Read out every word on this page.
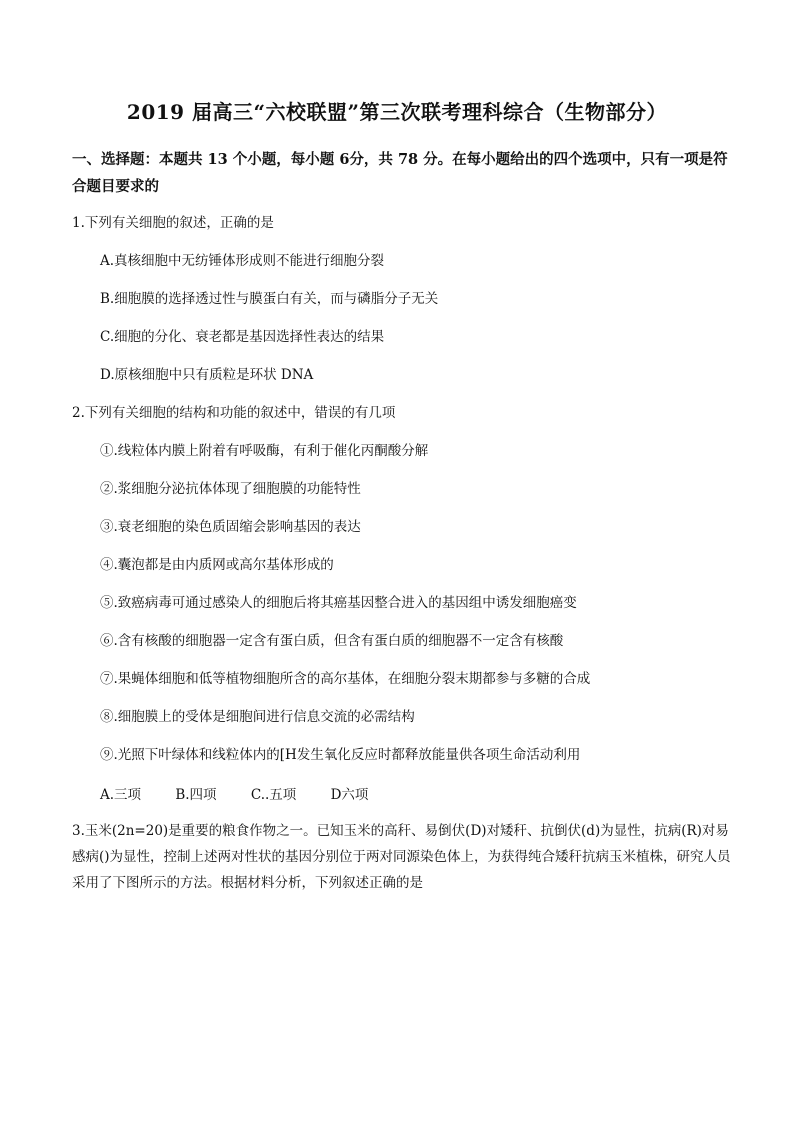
2019 届高三“六校联盟”第三次联考理科综合（生物部分）
一、选择题：本题共 13 个小题，每小题 6分，共 78 分。在每小题给出的四个选项中，只有一项是符合题目要求的
1.下列有关细胞的叙述，正确的是
A.真核细胞中无纺锤体形成则不能进行细胞分裂
B.细胞膜的选择透过性与膜蛋白有关，而与磷脂分子无关
C.细胞的分化、衰老都是基因选择性表达的结果
D.原核细胞中只有质粒是环状 DNA
2.下列有关细胞的结构和功能的叙述中，错误的有几项
①.线粒体内膜上附着有呼吸酶，有利于催化丙酮酸分解
②.浆细胞分泌抗体体现了细胞膜的功能特性
③.衰老细胞的染色质固缩会影响基因的表达
④.囊泡都是由内质网或高尔基体形成的
⑤.致癌病毒可通过感染人的细胞后将其癌基因整合进入的基因组中诱发细胞癌变
⑥.含有核酸的细胞器一定含有蛋白质，但含有蛋白质的细胞器不一定含有核酸
⑦.果蝇体细胞和低等植物细胞所含的高尔基体，在细胞分裂末期都参与多糖的合成
⑧.细胞膜上的受体是细胞间进行信息交流的必需结构
⑨.光照下叶绿体和线粒体内的[H发生氧化反应时都释放能量供各项生命活动利用
A.三项	B.四项	C..五项	D六项
3.玉米(2n=20)是重要的粮食作物之一。已知玉米的高秆、易倒伏(D)对矮秆、抗倒伏(d)为显性，抗病(R)对易感病()为显性，控制上述两对性状的基因分别位于两对同源染色体上，为获得纯合矮秆抗病玉米植株，研究人员采用了下图所示的方法。根据材料分析，下列叙述正确的是
